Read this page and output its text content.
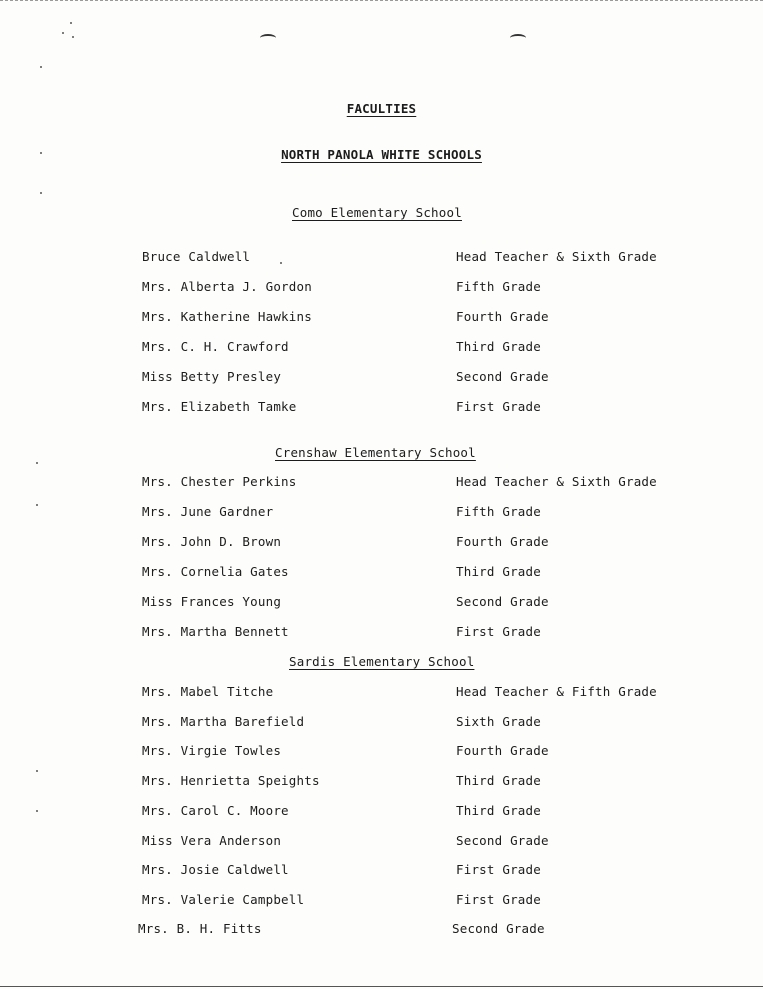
FACULTIES
NORTH PANOLA WHITE SCHOOLS
Como Elementary School
Bruce Caldwell	Head Teacher & Sixth Grade
Mrs. Alberta J. Gordon	Fifth Grade
Mrs. Katherine Hawkins	Fourth Grade
Mrs. C. H. Crawford	Third Grade
Miss Betty Presley	Second Grade
Mrs. Elizabeth Tamke	First Grade
Crenshaw Elementary School
Mrs. Chester Perkins	Head Teacher & Sixth Grade
Mrs. June Gardner	Fifth Grade
Mrs. John D. Brown	Fourth Grade
Mrs. Cornelia Gates	Third Grade
Miss Frances Young	Second Grade
Mrs. Martha Bennett	First Grade
Sardis Elementary School
Mrs. Mabel Titche	Head Teacher & Fifth Grade
Mrs. Martha Barefield	Sixth Grade
Mrs. Virgie Towles	Fourth Grade
Mrs. Henrietta Speights	Third Grade
Mrs. Carol C. Moore	Third Grade
Miss Vera Anderson	Second Grade
Mrs. Josie Caldwell	First Grade
Mrs. Valerie Campbell	First Grade
Mrs. B. H. Fitts	Second Grade
